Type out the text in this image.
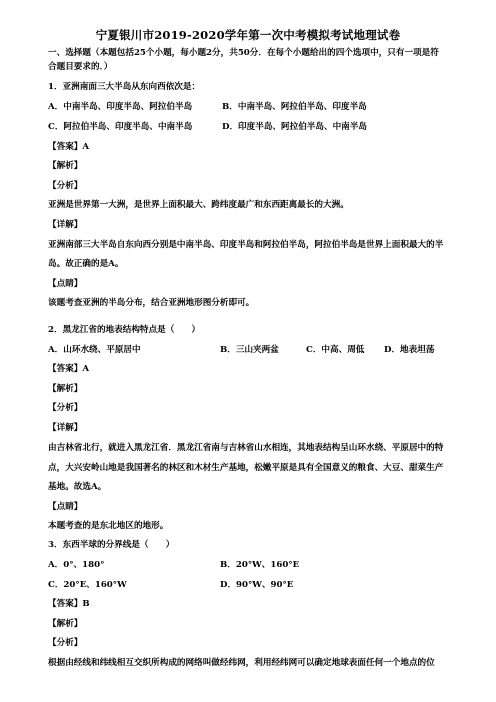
宁夏银川市2019-2020学年第一次中考模拟考试地理试卷
一、选择题（本题包括25个小题，每小题2分，共50分．在每个小题给出的四个选项中，只有一项是符
合题目要求的．）
1．亚洲南面三大半岛从东向西依次是：
A．中南半岛、印度半岛、阿拉伯半岛	B．中南半岛、阿拉伯半岛、印度半岛
C．阿拉伯半岛、印度半岛、中南半岛	D．印度半岛、阿拉伯半岛、中南半岛
【答案】A
【解析】
【分析】
亚洲是世界第一大洲，是世界上面积最大、跨纬度最广和东西距离最长的大洲。
【详解】
亚洲南部三大半岛自东向西分别是中南半岛、印度半岛和阿拉伯半岛，阿拉伯半岛是世界上面积最大的半
岛。故正确的是A。
【点睛】
该题考查亚洲的半岛分布，结合亚洲地形图分析即可。
2．黑龙江省的地表结构特点是（　　）
A．山环水绕、平原居中	B．三山夹两盆	C．中高、周低 D．地表坦荡
【答案】A
【解析】
【分析】
【详解】
由吉林省北行，就进入黑龙江省．黑龙江省南与吉林省山水相连，其地表结构呈山环水绕、平原居中的特
点，大兴安岭山地是我国著名的林区和木材生产基地，松嫩平原是具有全国意义的粮食、大豆、甜菜生产
基地。故选A。
【点睛】
本题考查的是东北地区的地形。
3．东西半球的分界线是（　　）
A．0°、180°	B．20°W、160°E
C．20°E、160°W	D．90°W、90°E
【答案】B
【解析】
【分析】
根据由经线和纬线相互交织所构成的网络叫做经纬网，利用经纬网可以确定地球表面任何一个地点的位
